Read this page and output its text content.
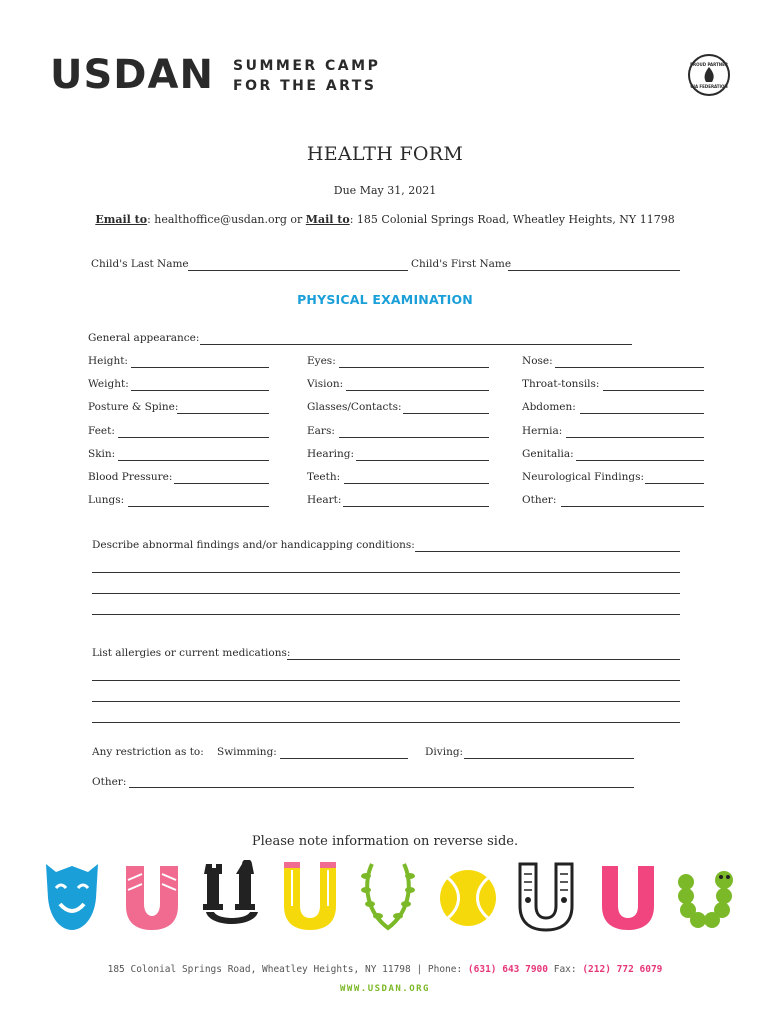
USDAN SUMMER CAMP
FOR THE ARTS
PROUD PARTNER
UJA FEDERATION
HEALTH FORM
Due May 31, 2021
Email to: healthoffice@usdan.org or Mail to: 185 Colonial Springs Road, Wheatley Heights, NY 11798
Child's Last Name	Child's First Name
PHYSICAL EXAMINATION
General appearance:
Height:
Weight:
Posture & Spine:
Feet:
Skin:
Blood Pressure:
Lungs:
Eyes:
Vision:
Glasses/Contacts:
Ears:
Hearing:
Teeth:
Heart:
Nose:
Throat-tonsils:
Abdomen:
Hernia:
Genitalia:
Neurological Findings:
Other:
Describe abnormal findings and/or handicapping conditions:
List allergies or current medications:
Any restriction as to: Swimming:	Diving:
Other:
Please note information on reverse side.
185 Colonial Springs Road, Wheatley Heights, NY 11798 | Phone: (631) 643 7900 Fax: (212) 772 6079
WWW.USDAN.ORG
